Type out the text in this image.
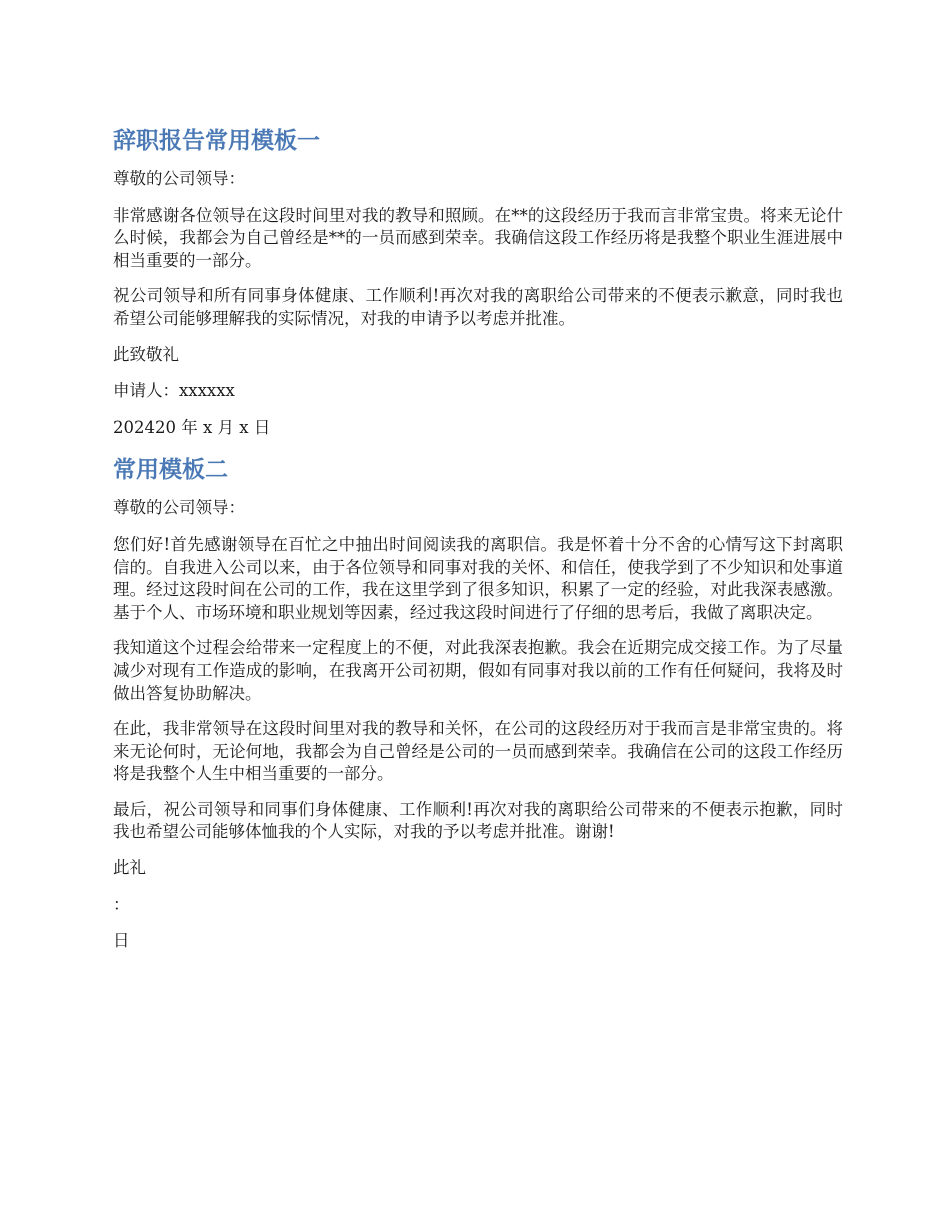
辞职报告常用模板一

尊敬的公司领导：

非常感谢各位领导在这段时间里对我的教导和照顾。在**的这段经历于我而言非常宝贵。将来无论什么时候，我都会为自己曾经是**的一员而感到荣幸。我确信这段工作经历将是我整个职业生涯进展中相当重要的一部分。

祝公司领导和所有同事身体健康、工作顺利!再次对我的离职给公司带来的不便表示歉意，同时我也希望公司能够理解我的实际情况，对我的申请予以考虑并批准。

此致敬礼

申请人：xxxxxx

202420 年 x 月 x 日

常用模板二

尊敬的公司领导：

您们好!首先感谢领导在百忙之中抽出时间阅读我的离职信。我是怀着十分不舍的心情写这下封离职信的。自我进入公司以来，由于各位领导和同事对我的关怀、和信任，使我学到了不少知识和处事道理。经过这段时间在公司的工作，我在这里学到了很多知识，积累了一定的经验，对此我深表感激。基于个人、市场环境和职业规划等因素，经过我这段时间进行了仔细的思考后，我做了离职决定。

我知道这个过程会给带来一定程度上的不便，对此我深表抱歉。我会在近期完成交接工作。为了尽量减少对现有工作造成的影响，在我离开公司初期，假如有同事对我以前的工作有任何疑问，我将及时做出答复协助解决。

在此，我非常领导在这段时间里对我的教导和关怀，在公司的这段经历对于我而言是非常宝贵的。将来无论何时，无论何地，我都会为自己曾经是公司的一员而感到荣幸。我确信在公司的这段工作经历将是我整个人生中相当重要的一部分。

最后，祝公司领导和同事们身体健康、工作顺利!再次对我的离职给公司带来的不便表示抱歉，同时我也希望公司能够体恤我的个人实际，对我的予以考虑并批准。谢谢!

此礼

：

日
